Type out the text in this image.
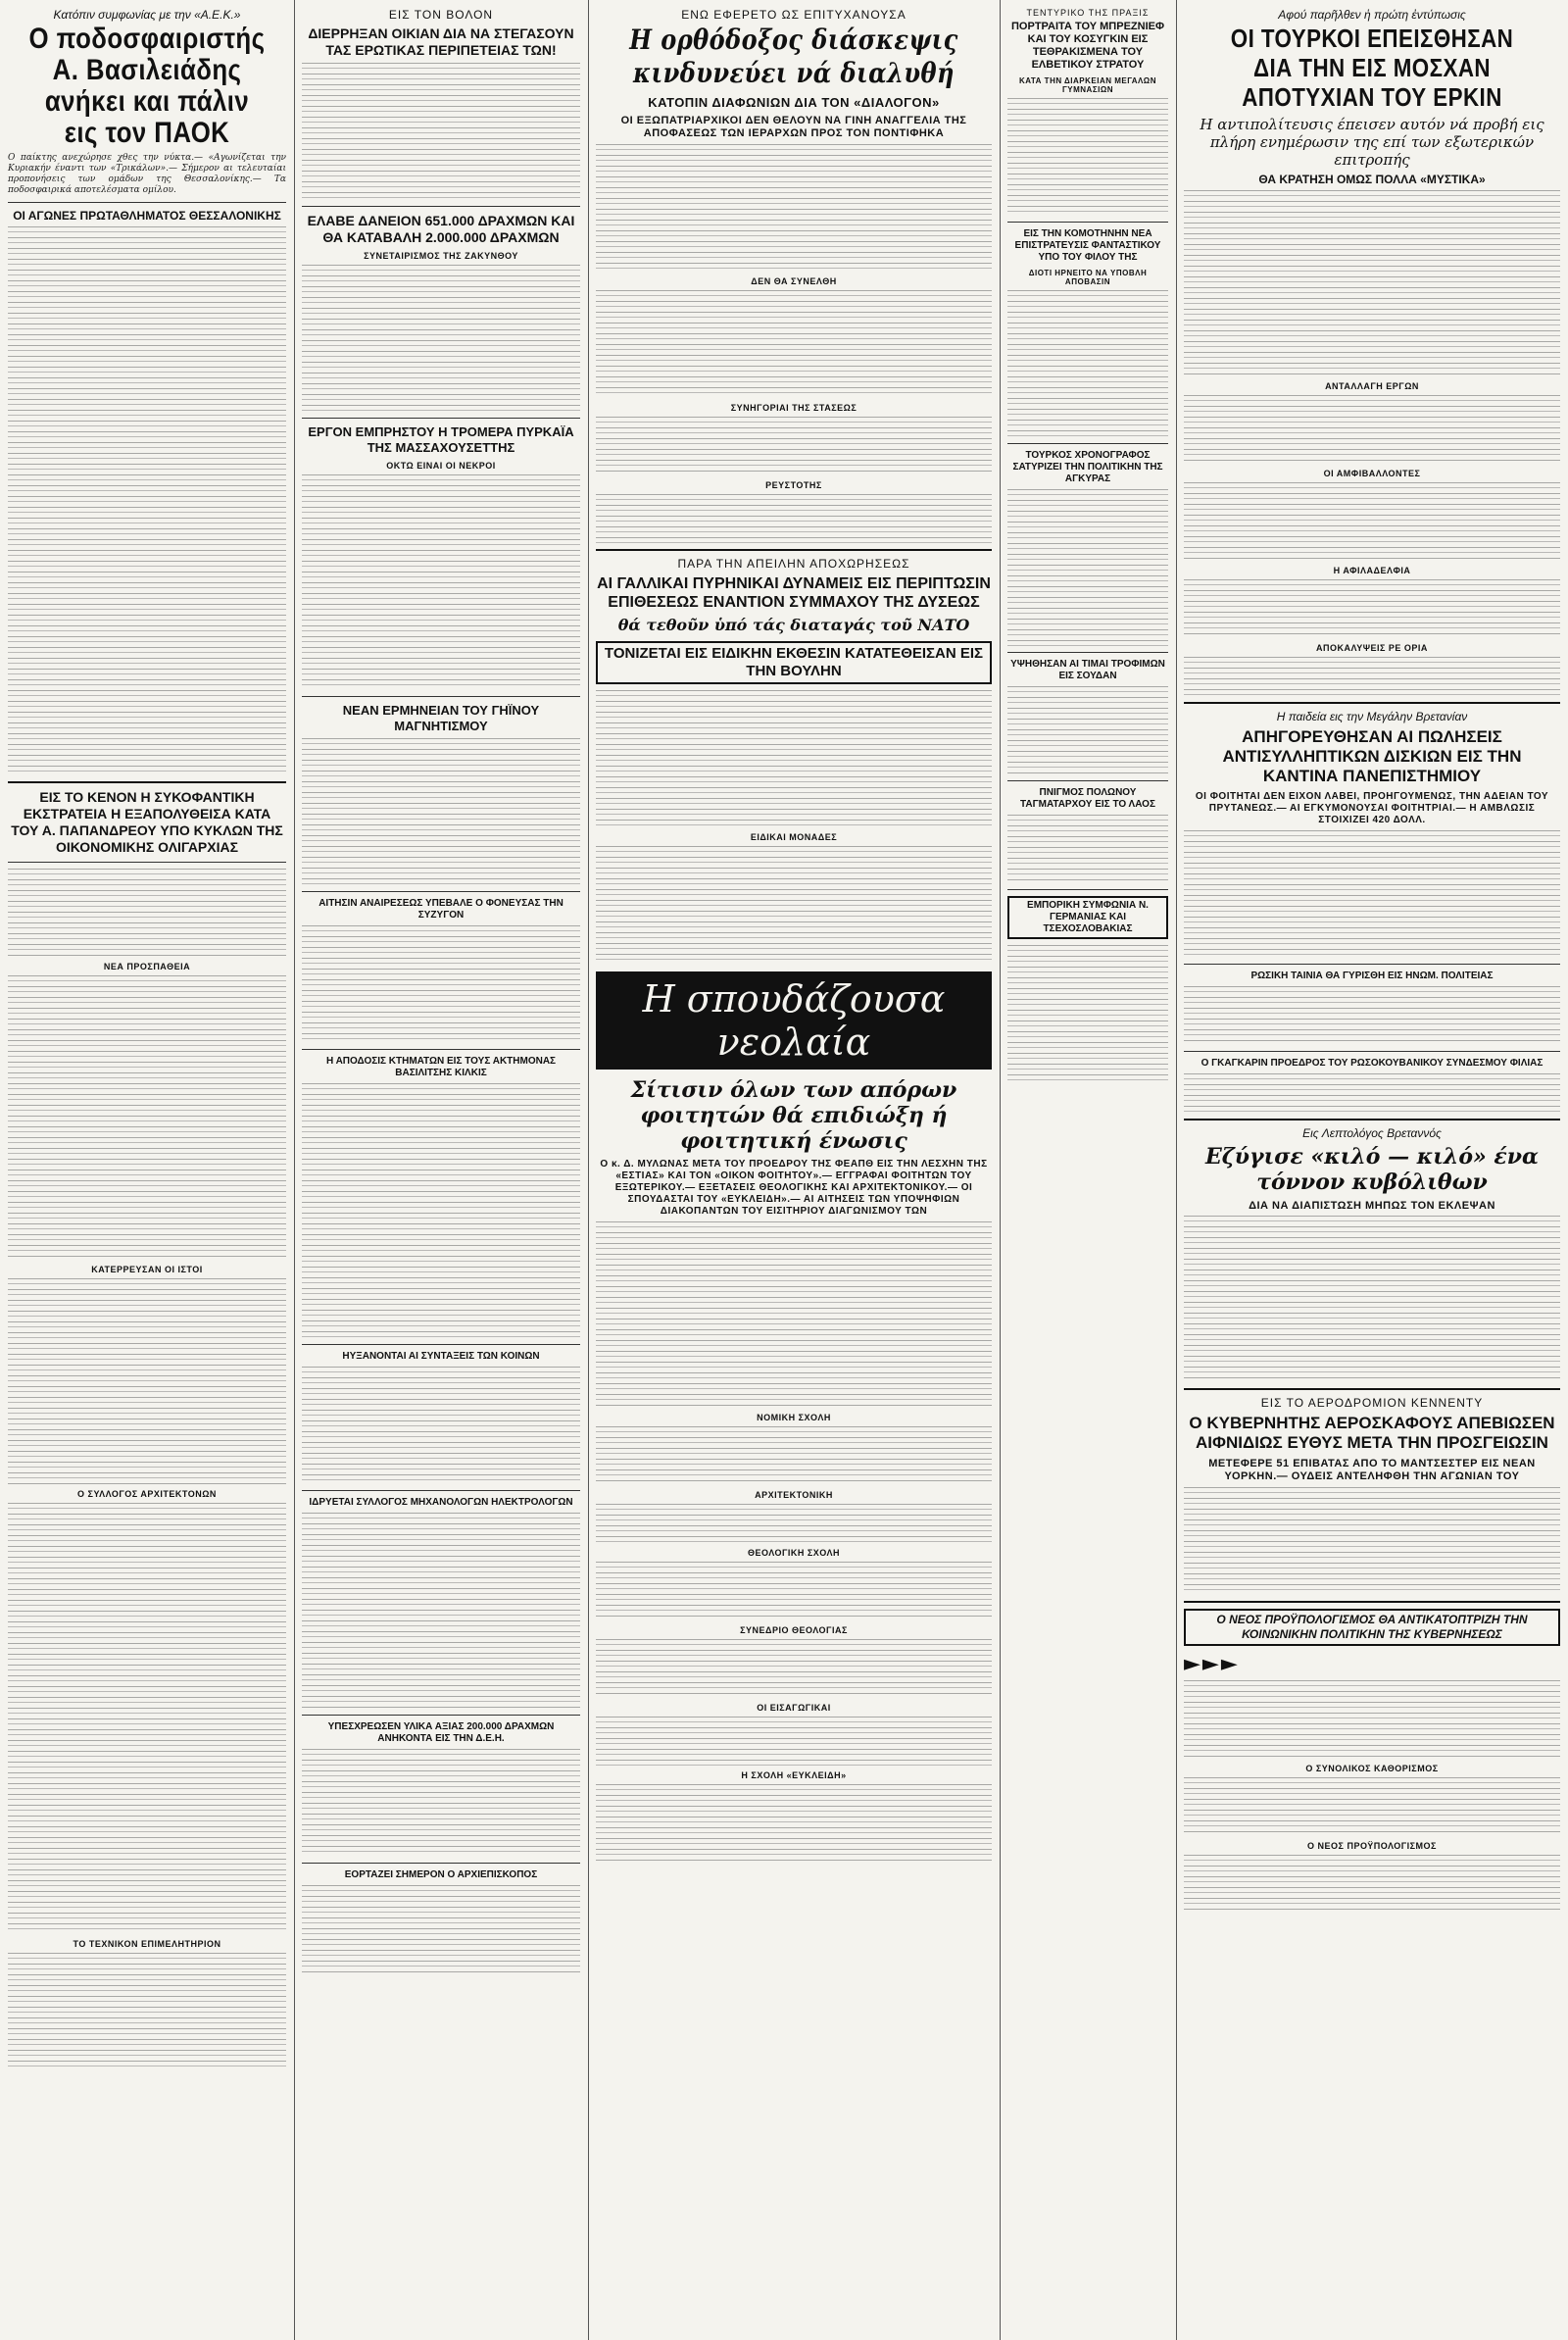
Κατόπιν συμφωνίας με την «Α.Ε.Κ.»
Ο ποδοσφαιριστής Α. Βασιλειάδης ανήκει και πάλιν εις τον ΠΑΟΚ
Ο παίκτης ανεχώρησε χθες την νύκτα.— «Αγωνίζεται την Κυριακήν έναντι των «Τρικάλων».— Σήμερον αι τελευταίαι προπονήσεις των ομάδων της Θεσσαλονίκης.— Τα ποδοσφαιρικά αποτελέσματα ομίλου.
ΟΙ ΑΓΩΝΕΣ ΠΡΩΤΑΘΛΗΜΑΤΟΣ ΘΕΣΣΑΛΟΝΙΚΗΣ
ΕΙΣ ΤΟ ΚΕΝΟΝ Η ΣΥΚΟΦΑΝΤΙΚΗ ΕΚΣΤΡΑΤΕΙΑ Η ΕΞΑΠΟΛΥΘΕΙΣΑ ΚΑΤΑ ΤΟΥ Α. ΠΑΠΑΝΔΡΕΟΥ ΥΠΟ ΚΥΚΛΩΝ ΤΗΣ ΟΙΚΟΝΟΜΙΚΗΣ ΟΛΙΓΑΡΧΙΑΣ
ΝΕΑ ΠΡΟΣΠΑΘΕΙΑ
ΚΑΤΕΡΡΕΥΣΑΝ ΟΙ ΙΣΤΟΙ
Ο ΣΥΛΛΟΓΟΣ ΑΡΧΙΤΕΚΤΟΝΩΝ
ΤΟ ΤΕΧΝΙΚΟΝ ΕΠΙΜΕΛΗΤΗΡΙΟΝ
ΕΙΣ ΤΟΝ ΒΟΛΟΝ
ΔΙΕΡΡΗΞΑΝ ΟΙΚΙΑΝ ΔΙΑ ΝΑ ΣΤΕΓΑΣΟΥΝ ΤΑΣ ΕΡΩΤΙΚΑΣ ΠΕΡΙΠΕΤΕΙΑΣ ΤΩΝ!
ΕΛΑΒΕ ΔΑΝΕΙΟΝ 651.000 ΔΡΑΧΜΩΝ ΚΑΙ ΘΑ ΚΑΤΑΒΑΛΗ 2.000.000 ΔΡΑΧΜΩΝ
ΣΥΝΕΤΑΙΡΙΣΜΟΣ ΤΗΣ ΖΑΚΥΝΘΟΥ
ΕΡΓΟΝ ΕΜΠΡΗΣΤΟΥ Η ΤΡΟΜΕΡΑ ΠΥΡΚΑΪΑ ΤΗΣ ΜΑΣΣΑΧΟΥΣΕΤΤΗΣ
ΟΚΤΩ ΕΙΝΑΙ ΟΙ ΝΕΚΡΟΙ
ΝΕΑΝ ΕΡΜΗΝΕΙΑΝ ΤΟΥ ΓΗΪΝΟΥ ΜΑΓΝΗΤΙΣΜΟΥ
ΑΙΤΗΣΙΝ ΑΝΑΙΡΕΣΕΩΣ ΥΠΕΒΑΛΕ Ο ΦΟΝΕΥΣΑΣ ΤΗΝ ΣΥΖΥΓΟΝ
Η ΑΠΟΔΟΣΙΣ ΚΤΗΜΑΤΩΝ ΕΙΣ ΤΟΥΣ ΑΚΤΗΜΟΝΑΣ ΒΑΣΙΛΙΤΣΗΣ ΚΙΛΚΙΣ
ΗΥΞΑΝΟΝΤΑΙ ΑΙ ΣΥΝΤΑΞΕΙΣ ΤΩΝ ΚΟΙΝΩΝ
ΙΔΡΥΕΤΑΙ ΣΥΛΛΟΓΟΣ ΜΗΧΑΝΟΛΟΓΩΝ ΗΛΕΚΤΡΟΛΟΓΩΝ
ΥΠΕΣΧΡΕΩΣΕΝ ΥΛΙΚΑ ΑΞΙΑΣ 200.000 ΔΡΑΧΜΩΝ ΑΝΗΚΟΝΤΑ ΕΙΣ ΤΗΝ Δ.Ε.Η.
ΕΟΡΤΑΖΕΙ ΣΗΜΕΡΟΝ Ο ΑΡΧΙΕΠΙΣΚΟΠΟΣ
ΕΝΩ ΕΦΕΡΕΤΟ ΩΣ ΕΠΙΤΥΧΑΝΟΥΣΑ
Η ορθόδοξος διάσκεψις κινδυνεύει νά διαλυθή
ΚΑΤΟΠΙΝ ΔΙΑΦΩΝΙΩΝ ΔΙΑ ΤΟΝ «ΔΙΑΛΟΓΟΝ»
ΟΙ ΕΞΩΠΑΤΡΙΑΡΧΙΚΟΙ ΔΕΝ ΘΕΛΟΥΝ ΝΑ ΓΙΝΗ ΑΝΑΓΓΕΛΙΑ ΤΗΣ ΑΠΟΦΑΣΕΩΣ ΤΩΝ ΙΕΡΑΡΧΩΝ ΠΡΟΣ ΤΟΝ ΠΟΝΤΙΦΗΚΑ
ΔΕΝ ΘΑ ΣΥΝΕΛΘΗ
ΣΥΝΗΓΟΡΙΑΙ ΤΗΣ ΣΤΑΣΕΩΣ
ΡΕΥΣΤΟΤΗΣ
ΠΑΡΑ ΤΗΝ ΑΠΕΙΛΗΝ ΑΠΟΧΩΡΗΣΕΩΣ
ΑΙ ΓΑΛΛΙΚΑΙ ΠΥΡΗΝΙΚΑΙ ΔΥΝΑΜΕΙΣ ΕΙΣ ΠΕΡΙΠΤΩΣΙΝ ΕΠΙΘΕΣΕΩΣ ΕΝΑΝΤΙΟΝ ΣΥΜΜΑΧΟΥ ΤΗΣ ΔΥΣΕΩΣ
θά τεθοῦν ὑπό τάς διαταγάς τοῦ ΝΑΤΟ
ΤΟΝΙΖΕΤΑΙ ΕΙΣ ΕΙΔΙΚΗΝ ΕΚΘΕΣΙΝ ΚΑΤΑΤΕΘΕΙΣΑΝ ΕΙΣ ΤΗΝ ΒΟΥΛΗΝ
ΕΙΔΙΚΑΙ ΜΟΝΑΔΕΣ
Η σπουδάζουσα νεολαία
Σίτισιν όλων των απόρων φοιτητών θά επιδιώξη ή φοιτητική ένωσις
Ο κ. Δ. ΜΥΛΩΝΑΣ ΜΕΤΑ ΤΟΥ ΠΡΟΕΔΡΟΥ ΤΗΣ ΦΕΑΠΘ ΕΙΣ ΤΗΝ ΛΕΣΧΗΝ ΤΗΣ «ΕΣΤΙΑΣ» ΚΑΙ ΤΟΝ «ΟΙΚΟΝ ΦΟΙΤΗΤΟΥ».— ΕΓΓΡΑΦΑΙ ΦΟΙΤΗΤΩΝ ΤΟΥ ΕΞΩΤΕΡΙΚΟΥ.— ΕΞΕΤΑΣΕΙΣ ΘΕΟΛΟΓΙΚΗΣ ΚΑΙ ΑΡΧΙΤΕΚΤΟΝΙΚΟΥ.— ΟΙ ΣΠΟΥΔΑΣΤΑΙ ΤΟΥ «ΕΥΚΛΕΙΔΗ».— ΑΙ ΑΙΤΗΣΕΙΣ ΤΩΝ ΥΠΟΨΗΦΙΩΝ ΔΙΑΚΟΠΑΝΤΩΝ ΤΟΥ ΕΙΣΙΤΗΡΙΟΥ ΔΙΑΓΩΝΙΣΜΟΥ ΤΩΝ
ΝΟΜΙΚΗ ΣΧΟΛΗ
ΑΡΧΙΤΕΚΤΟΝΙΚΗ
ΘΕΟΛΟΓΙΚΗ ΣΧΟΛΗ
ΣΥΝΕΔΡΙΟ ΘΕΟΛΟΓΙΑΣ
ΟΙ ΕΙΣΑΓΩΓΙΚΑΙ
Η ΣΧΟΛΗ «ΕΥΚΛΕΙΔΗ»
ΤΕΝΤΥΡΙΚΟ ΤΗΣ ΠΡΑΞΙΣ
ΠΟΡΤΡΑΙΤΑ ΤΟΥ ΜΠΡΕΖΝΙΕΦ ΚΑΙ ΤΟΥ ΚΟΣΥΓΚΙΝ ΕΙΣ ΤΕΘΡΑΚΙΣΜΕΝΑ ΤΟΥ ΕΛΒΕΤΙΚΟΥ ΣΤΡΑΤΟΥ
ΚΑΤΑ ΤΗΝ ΔΙΑΡΚΕΙΑΝ ΜΕΓΑΛΩΝ ΓΥΜΝΑΣΙΩΝ
ΕΙΣ ΤΗΝ ΚΟΜΟΤΗΝΗΝ ΝΕΑ ΕΠΙΣΤΡΑΤΕΥΣΙΣ ΦΑΝΤΑΣΤΙΚΟΥ ΥΠΟ ΤΟΥ ΦΙΛΟΥ ΤΗΣ
ΔΙΟΤΙ ΗΡΝΕΙΤΟ ΝΑ ΥΠΟΒΛΗ ΑΠΟΒΑΣΙΝ
ΤΟΥΡΚΟΣ ΧΡΟΝΟΓΡΑΦΟΣ ΣΑΤΥΡΙΖΕΙ ΤΗΝ ΠΟΛΙΤΙΚΗΝ ΤΗΣ ΑΓΚΥΡΑΣ
ΥΨΗΘΗΣΑΝ ΑΙ ΤΙΜΑΙ ΤΡΟΦΙΜΩΝ ΕΙΣ ΣΟΥΔΑΝ
ΠΝΙΓΜΟΣ ΠΟΛΩΝΟΥ ΤΑΓΜΑΤΑΡΧΟΥ ΕΙΣ ΤΟ ΛΑΟΣ
ΕΜΠΟΡΙΚΗ ΣΥΜΦΩΝΙΑ Ν. ΓΕΡΜΑΝΙΑΣ ΚΑΙ ΤΣΕΧΟΣΛΟΒΑΚΙΑΣ
Αφού παρῆλθεν ἡ πρώτη ἐντύπωσις
ΟΙ ΤΟΥΡΚΟΙ ΕΠΕΙΣΘΗΣΑΝ ΔΙΑ ΤΗΝ ΕΙΣ ΜΟΣΧΑΝ ΑΠΟΤΥΧΙΑΝ ΤΟΥ ΕΡΚΙΝ
Η αντιπολίτευσις έπεισεν αυτόν νά προβή εις πλήρη ενημέρωσιν της επί των εξωτερικών επιτροπής
ΘΑ ΚΡΑΤΗΣΗ ΟΜΩΣ ΠΟΛΛΑ «ΜΥΣΤΙΚΑ»
ΑΝΤΑΛΛΑΓΗ ΕΡΓΩΝ
ΟΙ ΑΜΦΙΒΑΛΛΟΝΤΕΣ
Η ΑΦΙΛΑΔΕΛΦΙΑ
ΑΠΟΚΑΛΥΨΕΙΣ ΡΕ ΟΡΙΑ
Η παιδεία εις την Μεγάλην Βρετανίαν
ΑΠΗΓΟΡΕΥΘΗΣΑΝ ΑΙ ΠΩΛΗΣΕΙΣ ΑΝΤΙΣΥΛΛΗΠΤΙΚΩΝ ΔΙΣΚΙΩΝ ΕΙΣ ΤΗΝ ΚΑΝΤΙΝΑ ΠΑΝΕΠΙΣΤΗΜΙΟΥ
ΟΙ ΦΟΙΤΗΤΑΙ ΔΕΝ ΕΙΧΟΝ ΛΑΒΕΙ, ΠΡΟΗΓΟΥΜΕΝΩΣ, ΤΗΝ ΑΔΕΙΑΝ ΤΟΥ ΠΡΥΤΑΝΕΩΣ.— ΑΙ ΕΓΚΥΜΟΝΟΥΣΑΙ ΦΟΙΤΗΤΡΙΑΙ.— Η ΑΜΒΛΩΣΙΣ ΣΤΟΙΧΙΖΕΙ 420 ΔΟΛΛ.
ΡΩΣΙΚΗ ΤΑΙΝΙΑ ΘΑ ΓΥΡΙΣΘΗ ΕΙΣ ΗΝΩΜ. ΠΟΛΙΤΕΙΑΣ
Ο ΓΚΑΓΚΑΡΙΝ ΠΡΟΕΔΡΟΣ ΤΟΥ ΡΩΣΟΚΟΥΒΑΝΙΚΟΥ ΣΥΝΔΕΣΜΟΥ ΦΙΛΙΑΣ
Εις Λεπτολόγος Βρεταννός
Εζύγισε «κιλό — κιλό» ένα τόννον κυβόλιθων
ΔΙΑ ΝΑ ΔΙΑΠΙΣΤΩΣΗ ΜΗΠΩΣ ΤΟΝ ΕΚΛΕΨΑΝ
ΕΙΣ ΤΟ ΑΕΡΟΔΡΟΜΙΟΝ ΚΕΝΝΕΝΤΥ
Ο ΚΥΒΕΡΝΗΤΗΣ ΑΕΡΟΣΚΑΦΟΥΣ ΑΠΕΒΙΩΣΕΝ ΑΙΦΝΙΔΙΩΣ ΕΥΘΥΣ ΜΕΤΑ ΤΗΝ ΠΡΟΣΓΕΙΩΣΙΝ
ΜΕΤΕΦΕΡΕ 51 ΕΠΙΒΑΤΑΣ ΑΠΟ ΤΟ ΜΑΝΤΣΕΣΤΕΡ ΕΙΣ ΝΕΑΝ ΥΟΡΚΗΝ.— ΟΥΔΕΙΣ ΑΝΤΕΛΗΦΘΗ ΤΗΝ ΑΓΩΝΙΑΝ ΤΟΥ
Ο ΝΕΟΣ ΠΡΟΫΠΟΛΟΓΙΣΜΟΣ ΘΑ ΑΝΤΙΚΑΤΟΠΤΡΙΖΗ ΤΗΝ ΚΟΙΝΩΝΙΚΗΝ ΠΟΛΙΤΙΚΗΝ ΤΗΣ ΚΥΒΕΡΝΗΣΕΩΣ
►►►
Ο ΣΥΝΟΛΙΚΟΣ ΚΑΘΟΡΙΣΜΟΣ
Ο ΝΕΟΣ ΠΡΟΫΠΟΛΟΓΙΣΜΟΣ
